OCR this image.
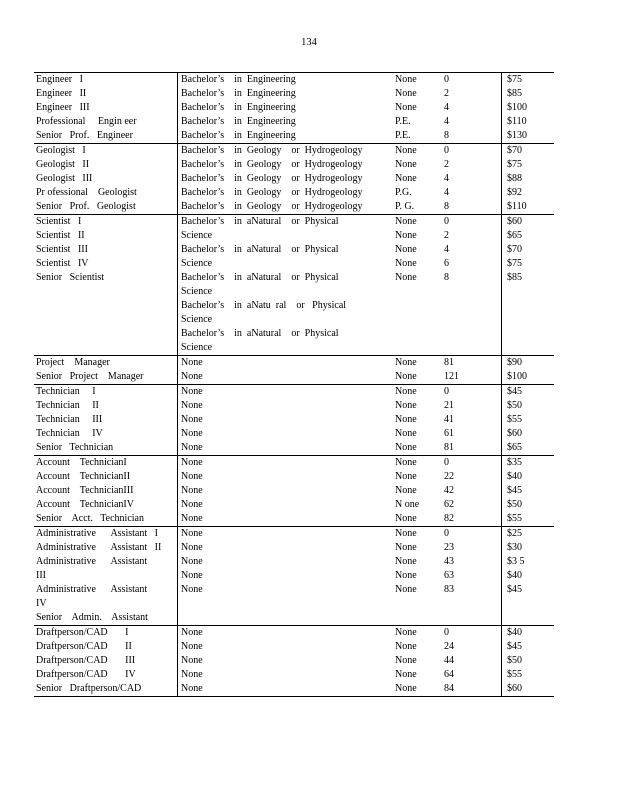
134
Engineer   I
Engineer   II
Engineer   III
Professional     Engin eer
Senior   Prof.   Engineer
Bachelor’s    in  Engineering
Bachelor’s    in  Engineering
Bachelor’s    in  Engineering
Bachelor’s    in  Engineering
Bachelor’s    in  Engineering
None
None
None
P.E.
P.E.
0
2
4
4
8
$75
$85
$100
$110
$130
Geologist   I
Geologist   II
Geologist   III
Pr ofessional    Geologist
Senior   Prof.   Geologist
Bachelor’s    in  Geology    or  Hydrogeology
Bachelor’s    in  Geology    or  Hydrogeology
Bachelor’s    in  Geology    or  Hydrogeology
Bachelor’s    in  Geology    or  Hydrogeology
Bachelor’s    in  Geology    or  Hydrogeology
None
None
None
P.G.
P. G.
0
2
4
4
8
$70
$75
$88
$92
$110
Scientist   I
Scientist   II
Scientist   III
Scientist   IV
Senior   Scientist
Bachelor’s    in  aNatural    or  Physical
Science
Bachelor’s    in  aNatural    or  Physical
Science
Bachelor’s    in  aNatural    or  Physical
Science
Bachelor’s    in  aNatu  ral    or   Physical
Science
Bachelor’s    in  aNatural    or  Physical
Science
None
None
None
None
None
0
2
4
6
8
$60
$65
$70
$75
$85
Project    Manager
Senior   Project    Manager
None
None
None
None
81
121
$90
$100
Technician     I
Technician     II
Technician     III
Technician     IV
Senior   Technician
None
None
None
None
None
None
None
None
None
None
0
21
41
61
81
$45
$50
$55
$60
$65
Account    TechnicianI
Account    TechnicianII
Account    TechnicianIII
Account    TechnicianIV
Senior    Acct.   Technician
None
None
None
None
None
None
None
None
N one
None
0
22
42
62
82
$35
$40
$45
$50
$55
Administrative      Assistant   I
Administrative      Assistant   II
Administrative      Assistant
III
Administrative      Assistant
IV
Senior    Admin.    Assistant
None
None
None
None
None
None
None
None
None
None
0
23
43
63
83
$25
$30
$3 5
$40
$45
Draftperson/CAD       I
Draftperson/CAD       II
Draftperson/CAD       III
Draftperson/CAD       IV
Senior   Draftperson/CAD
None
None
None
None
None
None
None
None
None
None
0
24
44
64
84
$40
$45
$50
$55
$60
